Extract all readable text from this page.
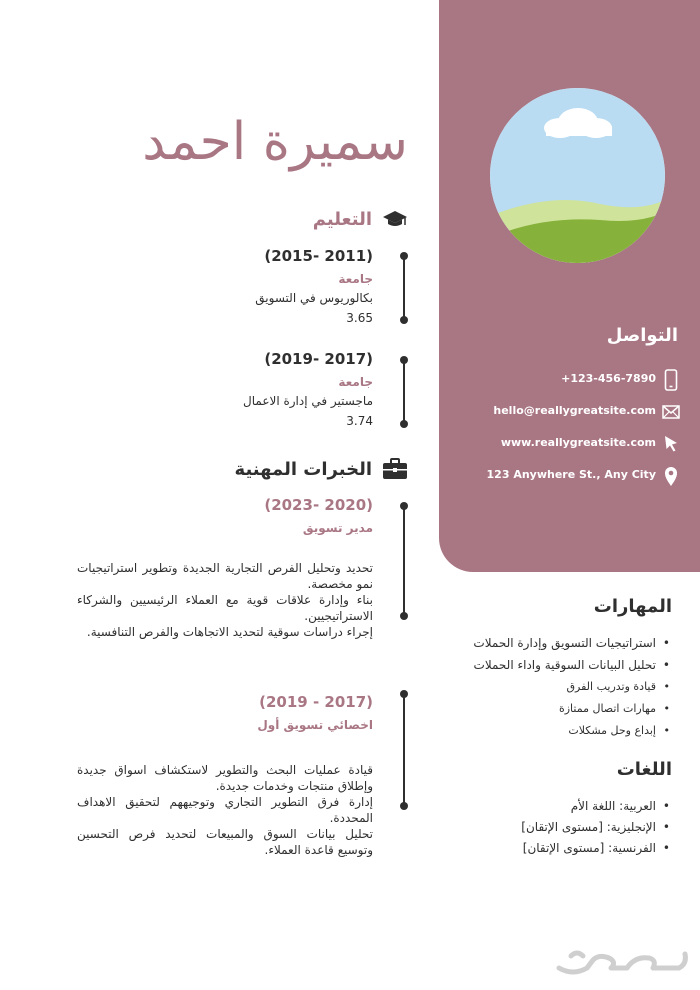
التواصل
+123-456-7890
hello@reallygreatsite.com
www.reallygreatsite.com
123 Anywhere St., Any City
سميرة احمد
التعليم
(2011 -2015)
جامعة
بكالوريوس في التسويق
3.65
(2017 -2019)
جامعة
ماجستير في إدارة الاعمال
3.74
الخبرات المهنية
(2020 -2023)
مدير تسويق

تحديد وتحليل الفرص التجارية الجديدة وتطوير استراتيجيات نمو مخصصة.

بناء وإدارة علاقات قوية مع العملاء الرئيسيين والشركاء الاستراتيجيين.

إجراء دراسات سوقية لتحديد الاتجاهات والفرص التنافسية.

(2017 - 2019)
اخصائي تسويق أول

قيادة عمليات البحث والتطوير لاستكشاف اسواق جديدة وإطلاق منتجات وخدمات جديدة.

إدارة فرق التطوير التجاري وتوجيههم لتحقيق الاهداف المحددة.

تحليل بيانات السوق والمبيعات لتحديد فرص التحسين وتوسيع قاعدة العملاء.

المهارات
• استراتيجيات التسويق وإدارة الحملات
• تحليل البيانات السوقية واداء الحملات
• قيادة وتدريب الفرق
• مهارات اتصال ممتازة
• إبداع وحل مشكلات
اللغات
• العربية: اللغة الأم
• الإنجليزية: [مستوى الإتقان]
• الفرنسية: [مستوى الإتقان]
